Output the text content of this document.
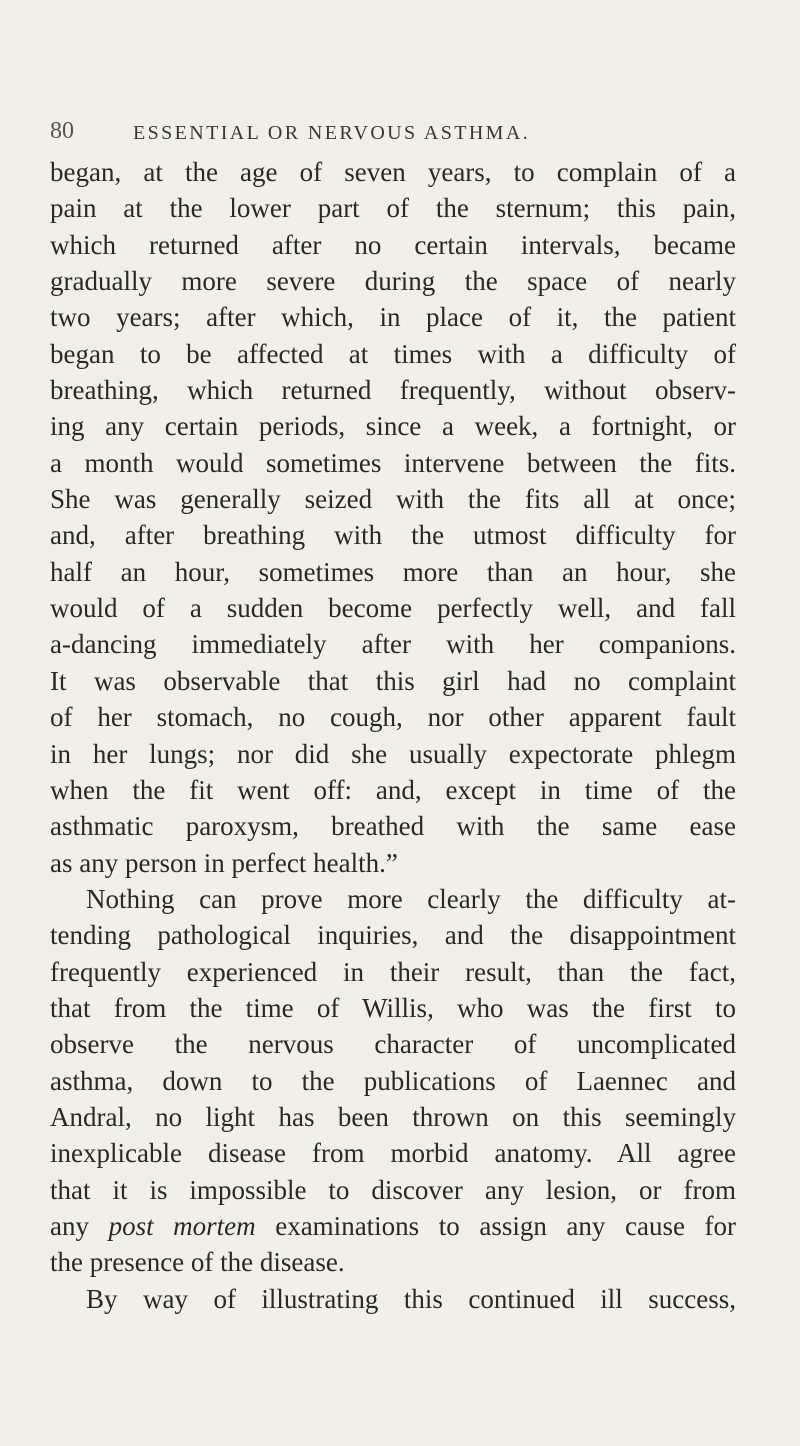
80	ESSENTIAL OR NERVOUS ASTHMA.
began, at the age of seven years, to complain of a
pain at the lower part of the sternum; this pain,
which returned after no certain intervals, became
gradually more severe during the space of nearly
two years; after which, in place of it, the patient
began to be affected at times with a difficulty of
breathing, which returned frequently, without observ-
ing any certain periods, since a week, a fortnight, or
a month would sometimes intervene between the fits.
She was generally seized with the fits all at once;
and, after breathing with the utmost difficulty for
half an hour, sometimes more than an hour, she
would of a sudden become perfectly well, and fall
a-dancing immediately after with her companions.
It was observable that this girl had no complaint
of her stomach, no cough, nor other apparent fault
in her lungs; nor did she usually expectorate phlegm
when the fit went off: and, except in time of the
asthmatic paroxysm, breathed with the same ease
as any person in perfect health.”
Nothing can prove more clearly the difficulty at-
tending pathological inquiries, and the disappointment
frequently experienced in their result, than the fact,
that from the time of Willis, who was the first to
observe the nervous character of uncomplicated
asthma, down to the publications of Laennec and
Andral, no light has been thrown on this seemingly
inexplicable disease from morbid anatomy. All agree
that it is impossible to discover any lesion, or from
any post mortem examinations to assign any cause for
the presence of the disease.
By way of illustrating this continued ill success,
